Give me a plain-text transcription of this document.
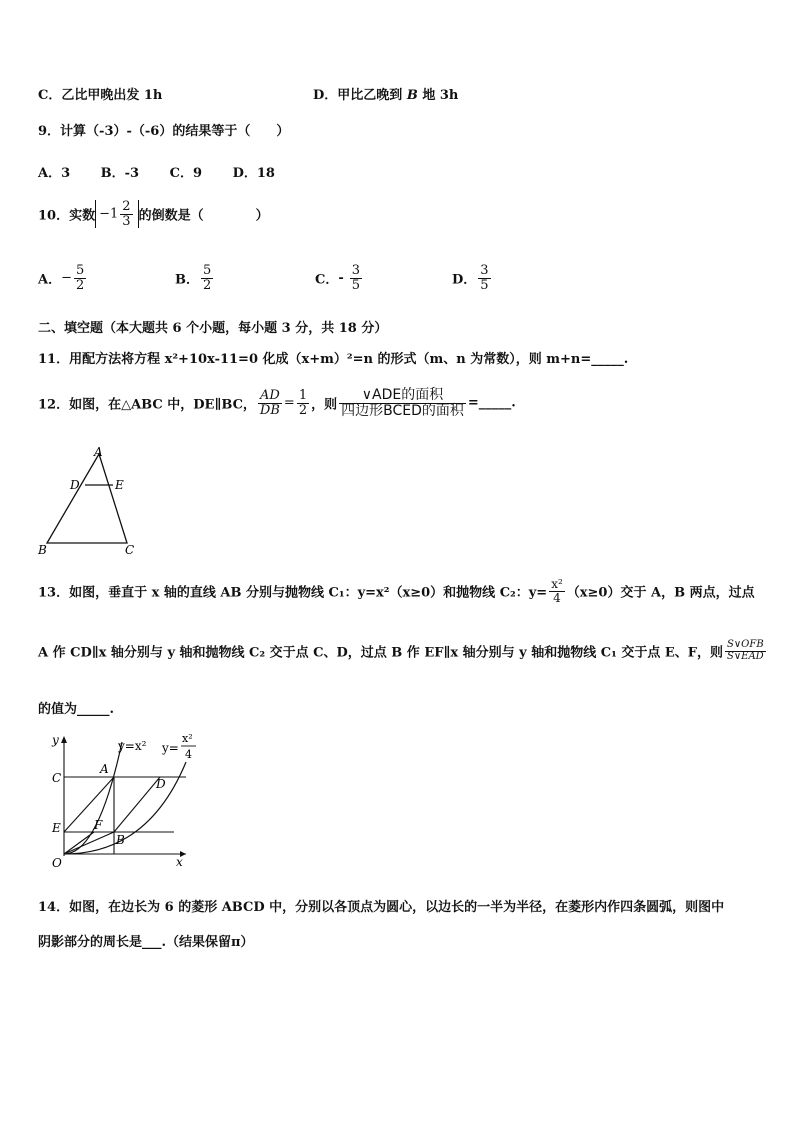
C．乙比甲晚出发 1h	D．甲比乙晚到 B 地 3h
9．计算（-3）-（-6）的结果等于（　　）
A．3 B．-3 C．9 D．18
10．实数 $-1 \frac{2}{3}$ 的倒数是（　　　　）
A．− $\frac{5}{2}$	B． $\frac{5}{2}$	C．- $\frac{3}{5}$	D． $\frac{3}{5}$
二、填空题（本大题共 6 个小题，每小题 3 分，共 18 分）
11．用配方法将方程 x²+10x-11=0 化成（x+m）²=n 的形式（m、n 为常数），则 m+n=_____.
12．如图，在△ABC 中，DE∥BC， $\frac{AD}{DB} = \frac{1}{2}$ ，则 $\frac{\text{∨ADE的面积}}{\text{四边形BCED的面积}}$ =_____.
A
D	E
B	C
13．如图，垂直于 x 轴的直线 AB 分别与抛物线 C₁：y=x²（x≥0）和抛物线 C₂：$y= \frac{\text{x²}}{4} (x\ge 0)$交于 A，B 两点，过点
A 作 CD∥x 轴分别与 y 轴和抛物线 C₂ 交于点 C、D，过点 B 作 EF∥x 轴分别与 y 轴和抛物线 C₁ 交于点 E、F，则 $\frac{\text{S∨OFB}}{\text{S∨EAD}}$
的值为_____.
y
x
y=x² y=
x²
4
A
C	D
E	F
B
O
14．如图，在边长为 6 的菱形 ABCD 中，分别以各顶点为圆心，以边长的一半为半径，在菱形内作四条圆弧，则图中
阴影部分的周长是___.（结果保留π）
